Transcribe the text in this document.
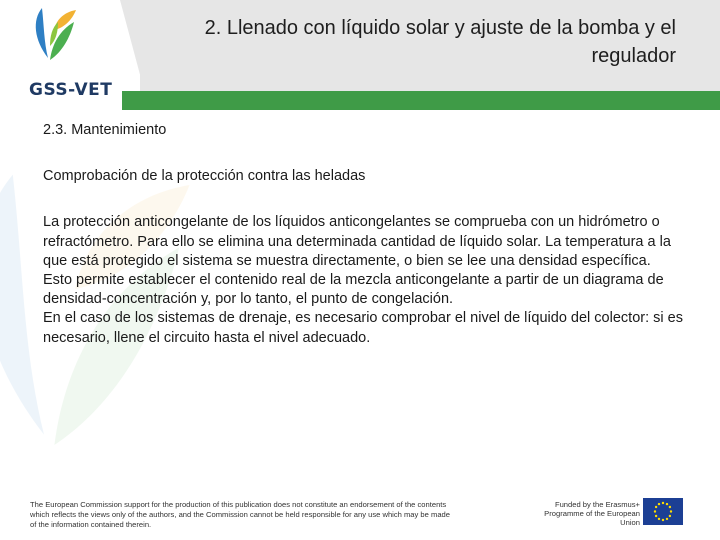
GSS-VET
2. Llenado con líquido solar y ajuste de la bomba y el regulador
2.3. Mantenimiento
Comprobación de la protección contra las heladas
La protección anticongelante de los líquidos anticongelantes se comprueba con un hidrómetro o refractómetro. Para ello se elimina una determinada cantidad de líquido solar. La temperatura a la que está protegido el sistema se muestra directamente, o bien se lee una densidad específica. Esto permite establecer el contenido real de la mezcla anticongelante a partir de un diagrama de densidad-concentración y, por lo tanto, el punto de congelación.
En el caso de los sistemas de drenaje, es necesario comprobar el nivel de líquido del colector: si es necesario, llene el circuito hasta el nivel adecuado.
The European Commission support for the production of this publication does not constitute an endorsement of the contents which reflects the views only of the authors, and the Commission cannot be held responsible for any use which may be made of the information contained therein.
Funded by the Erasmus+ Programme of the European Union
